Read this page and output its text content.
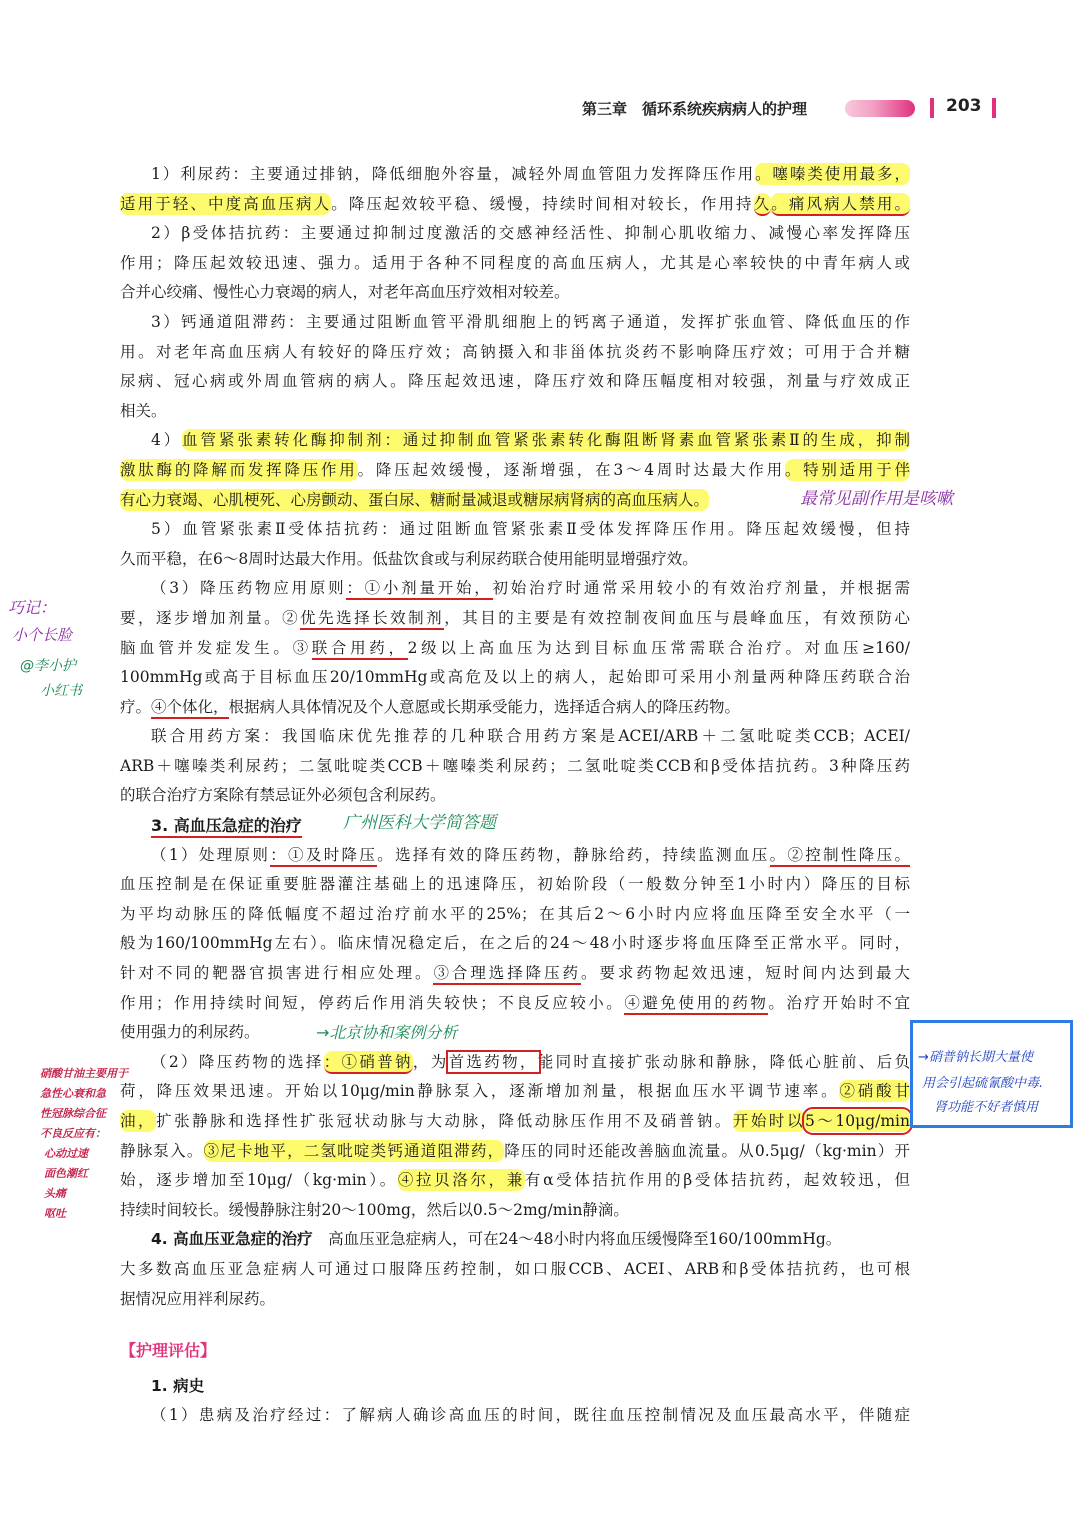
第三章　循环系统疾病病人的护理	203
1）利尿药：主要通过排钠，降低细胞外容量，减轻外周血管阻力发挥降压作用。噻嗪类使用最多，
适用于轻、中度高血压病人。降压起效较平稳、缓慢，持续时间相对较长，作用持久。痛风病人禁用。
2）β受体拮抗药：主要通过抑制过度激活的交感神经活性、抑制心肌收缩力、减慢心率发挥降压
作用；降压起效较迅速、强力。适用于各种不同程度的高血压病人，尤其是心率较快的中青年病人或
合并心绞痛、慢性心力衰竭的病人，对老年高血压疗效相对较差。
3）钙通道阻滞药：主要通过阻断血管平滑肌细胞上的钙离子通道，发挥扩张血管、降低血压的作
用。对老年高血压病人有较好的降压疗效；高钠摄入和非甾体抗炎药不影响降压疗效；可用于合并糖
尿病、冠心病或外周血管病的病人。降压起效迅速，降压疗效和降压幅度相对较强，剂量与疗效成正
相关。
4）血管紧张素转化酶抑制剂：通过抑制血管紧张素转化酶阻断肾素血管紧张素Ⅱ的生成，抑制
激肽酶的降解而发挥降压作用。降压起效缓慢，逐渐增强，在3～4周时达最大作用。特别适用于伴
有心力衰竭、心肌梗死、心房颤动、蛋白尿、糖耐量减退或糖尿病肾病的高血压病人。
5）血管紧张素Ⅱ受体拮抗药：通过阻断血管紧张素Ⅱ受体发挥降压作用。降压起效缓慢，但持
久而平稳，在6～8周时达最大作用。低盐饮食或与利尿药联合使用能明显增强疗效。
（3）降压药物应用原则：①小剂量开始，初始治疗时通常采用较小的有效治疗剂量，并根据需
要，逐步增加剂量。②优先选择长效制剂，其目的主要是有效控制夜间血压与晨峰血压，有效预防心
脑血管并发症发生。③联合用药，2级以上高血压为达到目标血压常需联合治疗。对血压≥160/
100mmHg或高于目标血压20/10mmHg或高危及以上的病人，起始即可采用小剂量两种降压药联合治
疗。④个体化，根据病人具体情况及个人意愿或长期承受能力，选择适合病人的降压药物。
联合用药方案：我国临床优先推荐的几种联合用药方案是ACEI/ARB＋二氢吡啶类CCB；ACEI/
ARB＋噻嗪类利尿药；二氢吡啶类CCB＋噻嗪类利尿药；二氢吡啶类CCB和β受体拮抗药。3种降压药
的联合治疗方案除有禁忌证外必须包含利尿药。
3. 高血压急症的治疗
（1）处理原则：①及时降压。选择有效的降压药物，静脉给药，持续监测血压。②控制性降压。
血压控制是在保证重要脏器灌注基础上的迅速降压，初始阶段（一般数分钟至1小时内）降压的目标
为平均动脉压的降低幅度不超过治疗前水平的25%；在其后2～6小时内应将血压降至安全水平（一
般为160/100mmHg左右）。临床情况稳定后，在之后的24～48小时逐步将血压降至正常水平。同时，
针对不同的靶器官损害进行相应处理。③合理选择降压药。要求药物起效迅速，短时间内达到最大
作用；作用持续时间短，停药后作用消失较快；不良反应较小。④避免使用的药物。治疗开始时不宜
使用强力的利尿药。
（2）降压药物的选择：①硝普钠，为首选药物，能同时直接扩张动脉和静脉，降低心脏前、后负
荷，降压效果迅速。开始以10μg/min静脉泵入，逐渐增加剂量，根据血压水平调节速率。②硝酸甘
油，扩张静脉和选择性扩张冠状动脉与大动脉，降低动脉压作用不及硝普钠。开始时以5～10μg/min
静脉泵入。③尼卡地平，二氢吡啶类钙通道阻滞药，降压的同时还能改善脑血流量。从0.5μg/（kg·min）开
始，逐步增加至10μg/（kg·min）。④拉贝洛尔，兼有α受体拮抗作用的β受体拮抗药，起效较迅，但
持续时间较长。缓慢静脉注射20～100mg，然后以0.5～2mg/min静滴。
4. 高血压亚急症的治疗　高血压亚急症病人，可在24～48小时内将血压缓慢降至160/100mmHg。
大多数高血压亚急症病人可通过口服降压药控制，如口服CCB、ACEI、ARB和β受体拮抗药，也可根
据情况应用袢利尿药。
【护理评估】
1. 病史
（1）患病及治疗经过：了解病人确诊高血压的时间，既往血压控制情况及血压最高水平，伴随症
最常见副作用是咳嗽
巧记：
小个长脸
@李小护
小红书
广州医科大学简答题
→北京协和案例分析
→硝普钠长期大量使
用会引起硫氰酸中毒.
肾功能不好者慎用
硝酸甘油主要用于
急性心衰和急
性冠脉综合征
不良反应有：
心动过速
面色潮红
头痛
呕吐
